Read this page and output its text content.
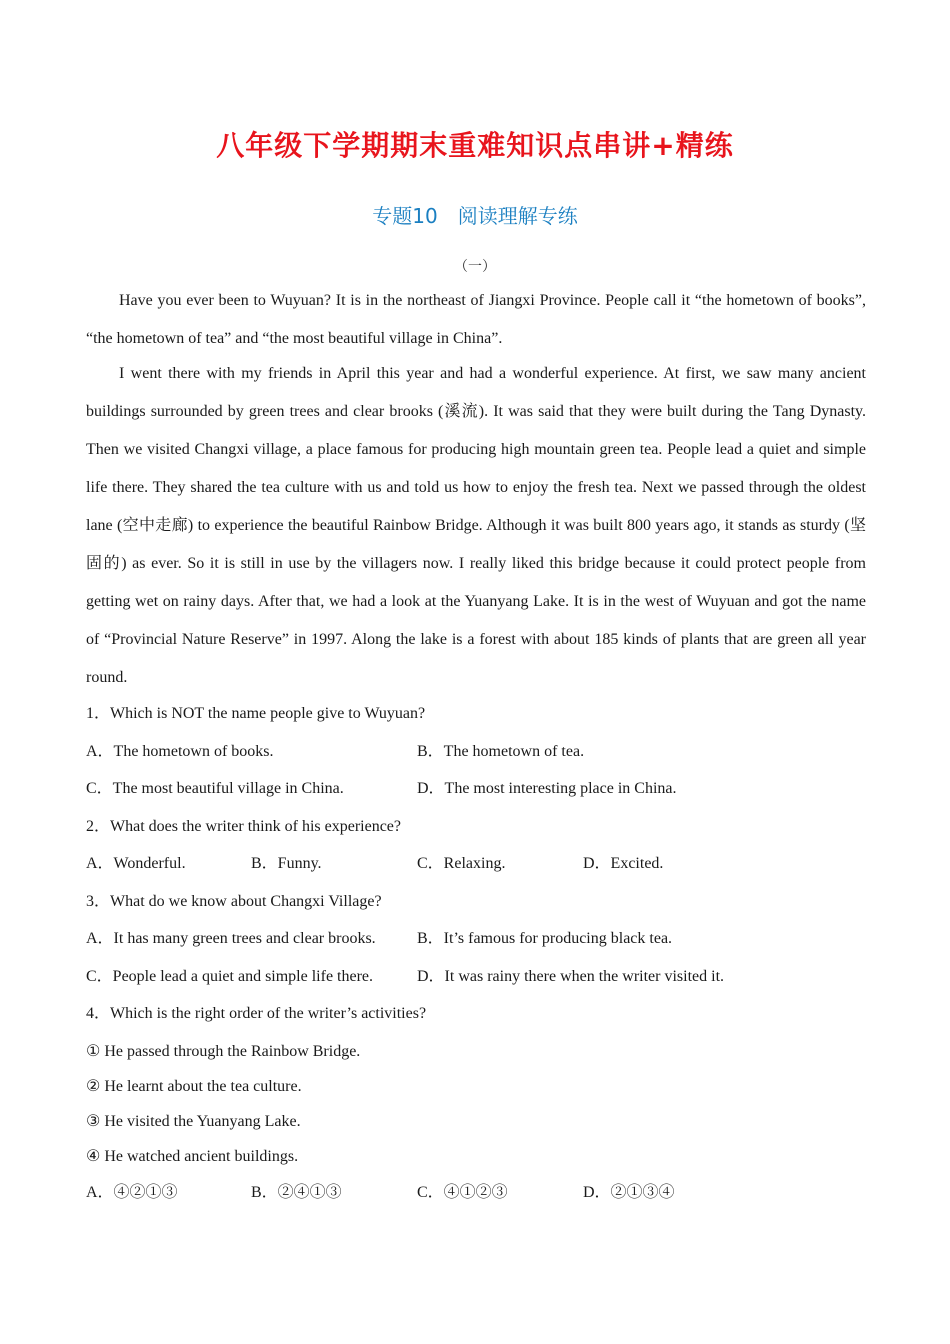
八年级下学期期末重难知识点串讲+精练
专题10　阅读理解专练
（一）
Have you ever been to Wuyuan? It is in the northeast of Jiangxi Province. People call it “the hometown of books”, “the hometown of tea” and “the most beautiful village in China”.
I went there with my friends in April this year and had a wonderful experience. At first, we saw many ancient buildings surrounded by green trees and clear brooks (溪流). It was said that they were built during the Tang Dynasty. Then we visited Changxi village, a place famous for producing high mountain green tea. People lead a quiet and simple life there. They shared the tea culture with us and told us how to enjoy the fresh tea. Next we passed through the oldest lane (空中走廊) to experience the beautiful Rainbow Bridge. Although it was built 800 years ago, it stands as sturdy (坚固的) as ever. So it is still in use by the villagers now. I really liked this bridge because it could protect people from getting wet on rainy days. After that, we had a look at the Yuanyang Lake. It is in the west of Wuyuan and got the name of “Provincial Nature Reserve” in 1997. Along the lake is a forest with about 185 kinds of plants that are green all year round.
1．Which is NOT the name people give to Wuyuan?
A．The hometown of books.	B．The hometown of tea.
C．The most beautiful village in China.	D．The most interesting place in China.
2．What does the writer think of his experience?
A．Wonderful.	B．Funny.	C．Relaxing.	D．Excited.
3．What do we know about Changxi Village?
A．It has many green trees and clear brooks.	B．It’s famous for producing black tea.
C．People lead a quiet and simple life there.	D．It was rainy there when the writer visited it.
4．Which is the right order of the writer’s activities?
① He passed through the Rainbow Bridge.
② He learnt about the tea culture.
③ He visited the Yuanyang Lake.
④ He watched ancient buildings.
A．④②①③	B．②④①③	C．④①②③	D．②①③④
